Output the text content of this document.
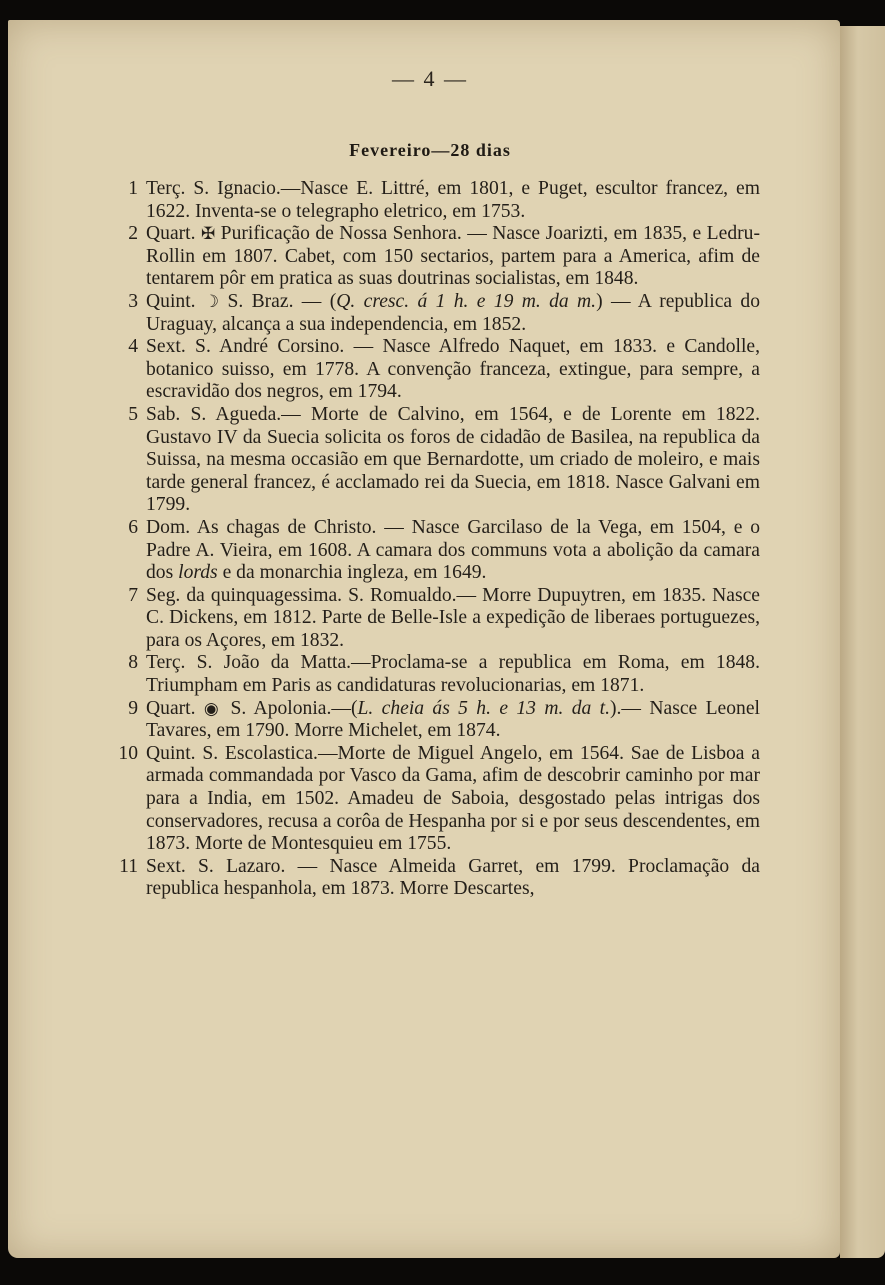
— 4 —
Fevereiro—28 dias
1 Terç. S. Ignacio.—Nasce E. Littré, em 1801, e Puget, escultor francez, em 1622. Inventa-se o telegrapho eletrico, em 1753.
2 Quart. ✠ Purificação de Nossa Senhora. — Nasce Joarizti, em 1835, e Ledru-Rollin em 1807. Cabet, com 150 sectarios, partem para a America, afim de tentarem pôr em pratica as suas doutrinas socialistas, em 1848.
3 Quint. ☽ S. Braz. — (Q. cresc. á 1 h. e 19 m. da m.) — A republica do Uraguay, alcança a sua independencia, em 1852.
4 Sext. S. André Corsino. — Nasce Alfredo Naquet, em 1833. e Candolle, botanico suisso, em 1778. A convenção franceza, extingue, para sempre, a escravidão dos negros, em 1794.
5 Sab. S. Agueda.— Morte de Calvino, em 1564, e de Lorente em 1822. Gustavo IV da Suecia solicita os foros de cidadão de Basilea, na republica da Suissa, na mesma occasião em que Bernardotte, um criado de moleiro, e mais tarde general francez, é acclamado rei da Suecia, em 1818. Nasce Galvani em 1799.
6 Dom. As chagas de Christo. — Nasce Garcilaso de la Vega, em 1504, e o Padre A. Vieira, em 1608. A camara dos communs vota a abolição da camara dos lords e da monarchia ingleza, em 1649.
7 Seg. da quinquagessima. S. Romualdo.— Morre Dupuytren, em 1835. Nasce C. Dickens, em 1812. Parte de Belle-Isle a expedição de liberaes portuguezes, para os Açores, em 1832.
8 Terç. S. João da Matta.—Proclama-se a republica em Roma, em 1848. Triumpham em Paris as candidaturas revolucionarias, em 1871.
9 Quart. ◉ S. Apolonia.—(L. cheia ás 5 h. e 13 m. da t.).— Nasce Leonel Tavares, em 1790. Morre Michelet, em 1874.
10 Quint. S. Escolastica.—Morte de Miguel Angelo, em 1564. Sae de Lisboa a armada commandada por Vasco da Gama, afim de descobrir caminho por mar para a India, em 1502. Amadeu de Saboia, desgostado pelas intrigas dos conservadores, recusa a corôa de Hespanha por si e por seus descendentes, em 1873. Morte de Montesquieu em 1755.
11 Sext. S. Lazaro. — Nasce Almeida Garret, em 1799. Proclamação da republica hespanhola, em 1873. Morre Descartes,
